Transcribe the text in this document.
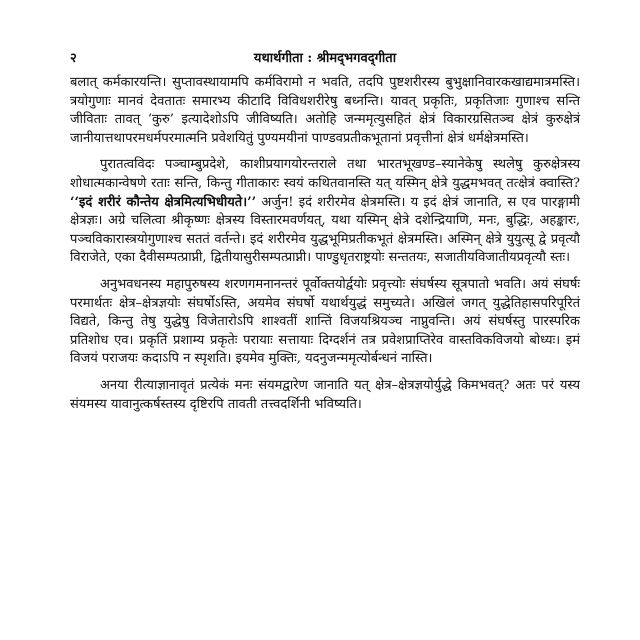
२	यथार्थगीता : श्रीमद्‌भगवद्‌गीता

बलात् कर्मकारयन्ति। सुप्तावस्थायामपि कर्मविरामो न भवति, तदपि पुष्टशरीरस्य बुभुक्षानिवारकखाद्यमात्रमस्ति। त्रयोगुणाः मानवं देवतातः समारभ्य कीटादि विविधशरीरेषु बध्नन्ति। यावत् प्रकृतिः, प्रकृतिजाः गुणाश्च सन्ति जीविताः तावत् ‘कुरु’ इत्यादेशोऽपि जीविष्यति। अतोहि जन्ममृत्युसहितं क्षेत्रं विकारग्रसितञ्च क्षेत्रं कुरुक्षेत्रं जानीयात्तथापरमधर्मपरमात्मनि प्रवेशयितुं पुण्यमयीनां पाण्डवप्रतीकभूतानां प्रवृत्तीनां क्षेत्रं धर्मक्षेत्रमस्ति।

पुरातत्वविदः पञ्चाम्बुप्रदेशे, काशीप्रयागयोरन्तराले तथा भारतभूखण्ड–स्यानेकेषु स्थलेषु कुरुक्षेत्रस्य शोधात्मकान्वेषणे रताः सन्ति, किन्तु गीताकारः स्वयं कथितवानस्ति यत् यस्मिन् क्षेत्रे युद्धमभवत् तत्क्षेत्रं क्वास्ति? ‘‘इदं शरीरं कौन्तेय क्षेत्रमित्यभिधीयते।’’ अर्जुन! इदं शरीरमेव क्षेत्रमस्ति। य इदं क्षेत्रं जानाति, स एव पारङ्गामी क्षेत्रज्ञः। अग्रे चलित्वा श्रीकृष्णः क्षेत्रस्य विस्तारमवर्णयत्, यथा यस्मिन् क्षेत्रे दशेन्द्रियाणि, मनः, बुद्धिः, अहङ्कारः, पञ्चविकारास्त्रयोगुणाश्च सततं वर्तन्ते। इदं शरीरमेव युद्धभूमिप्रतीकभूतं क्षेत्रमस्ति। अस्मिन् क्षेत्रे युयुत्सू द्वे प्रवृत्यौ विराजेते, एका दैवीसम्पत्प्राप्नी, द्वितीयासुरीसम्पत्प्राप्नी। पाण्डुधृतराष्ट्रयोः सन्ततयः, सजातीयविजातीयप्रवृत्यौ स्तः।

अनुभवधनस्य महापुरुषस्य शरणगमनानन्तरं पूर्वोक्तयोर्द्वयोः प्रवृत्त्योः संघर्षस्य सूत्रपातो भवति। अयं संघर्षः परमार्थतः क्षेत्र–क्षेत्रज्ञयोः संघर्षोऽस्ति, अयमेव संघर्षो यथार्थयुद्धं समुच्यते। अखिलं जगत् युद्धेतिहासपरिपूरितं विद्यते, किन्तु तेषु युद्धेषु विजेतारोऽपि शाश्वतीं शान्तिं विजयश्रियञ्च नाप्नुवन्ति। अयं संघर्षस्तु पारस्परिक प्रतिशोध एव। प्रकृतिं प्रशाम्य प्रकृतेः परायाः सत्तायाः दिग्दर्शनं तत्र प्रवेशप्राप्तिरेव वास्तविकविजयो बोध्यः। इमं विजयं पराजयः कदाऽपि न स्पृशति। इयमेव मुक्तिः, यदनुजन्ममृत्योर्बन्धनं नास्ति।

अनया रीत्याज्ञानावृतं प्रत्येकं मनः संयमद्वारेण जानाति यत् क्षेत्र–क्षेत्रज्ञयोर्युद्धे किमभवत्? अतः परं यस्य संयमस्य यावानुत्कर्षस्तस्य दृष्टिरपि तावती तत्त्वदर्शिनी भविष्यति।
